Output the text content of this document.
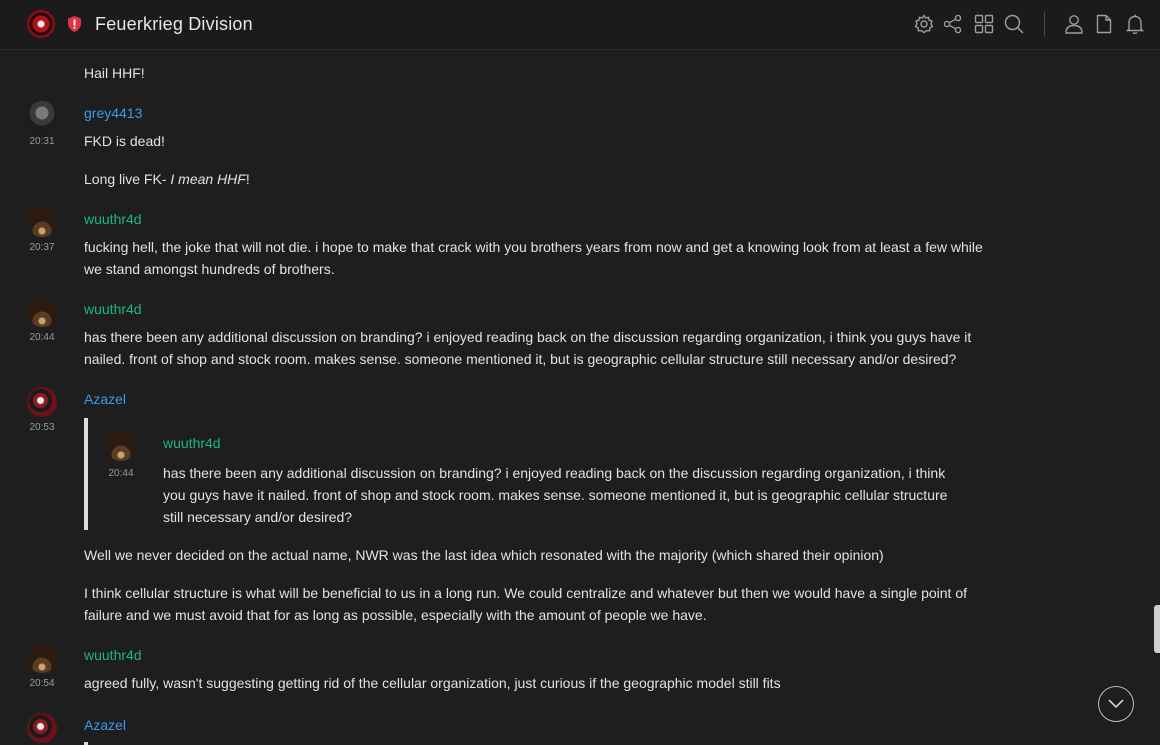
Feuerkrieg Division
Hail HHF!
20:31
grey4413
FKD is dead!
Long live FK- I mean HHF!
20:37
wuuthr4d
fucking hell, the joke that will not die. i hope to make that crack with you brothers years from now and get a knowing look from at least a few while we stand amongst hundreds of brothers.
20:44
wuuthr4d
has there been any additional discussion on branding? i enjoyed reading back on the discussion regarding organization, i think you guys have it nailed. front of shop and stock room. makes sense. someone mentioned it, but is geographic cellular structure still necessary and/or desired?
20:53
Azazel
20:44
wuuthr4d
has there been any additional discussion on branding? i enjoyed reading back on the discussion regarding organization, i think you guys have it nailed. front of shop and stock room. makes sense. someone mentioned it, but is geographic cellular structure still necessary and/or desired?
Well we never decided on the actual name, NWR was the last idea which resonated with the majority (which shared their opinion)
I think cellular structure is what will be beneficial to us in a long run. We could centralize and whatever but then we would have a single point of failure and we must avoid that for as long as possible, especially with the amount of people we have.
20:54
wuuthr4d
agreed fully, wasn't suggesting getting rid of the cellular organization, just curious if the geographic model still fits
Azazel
